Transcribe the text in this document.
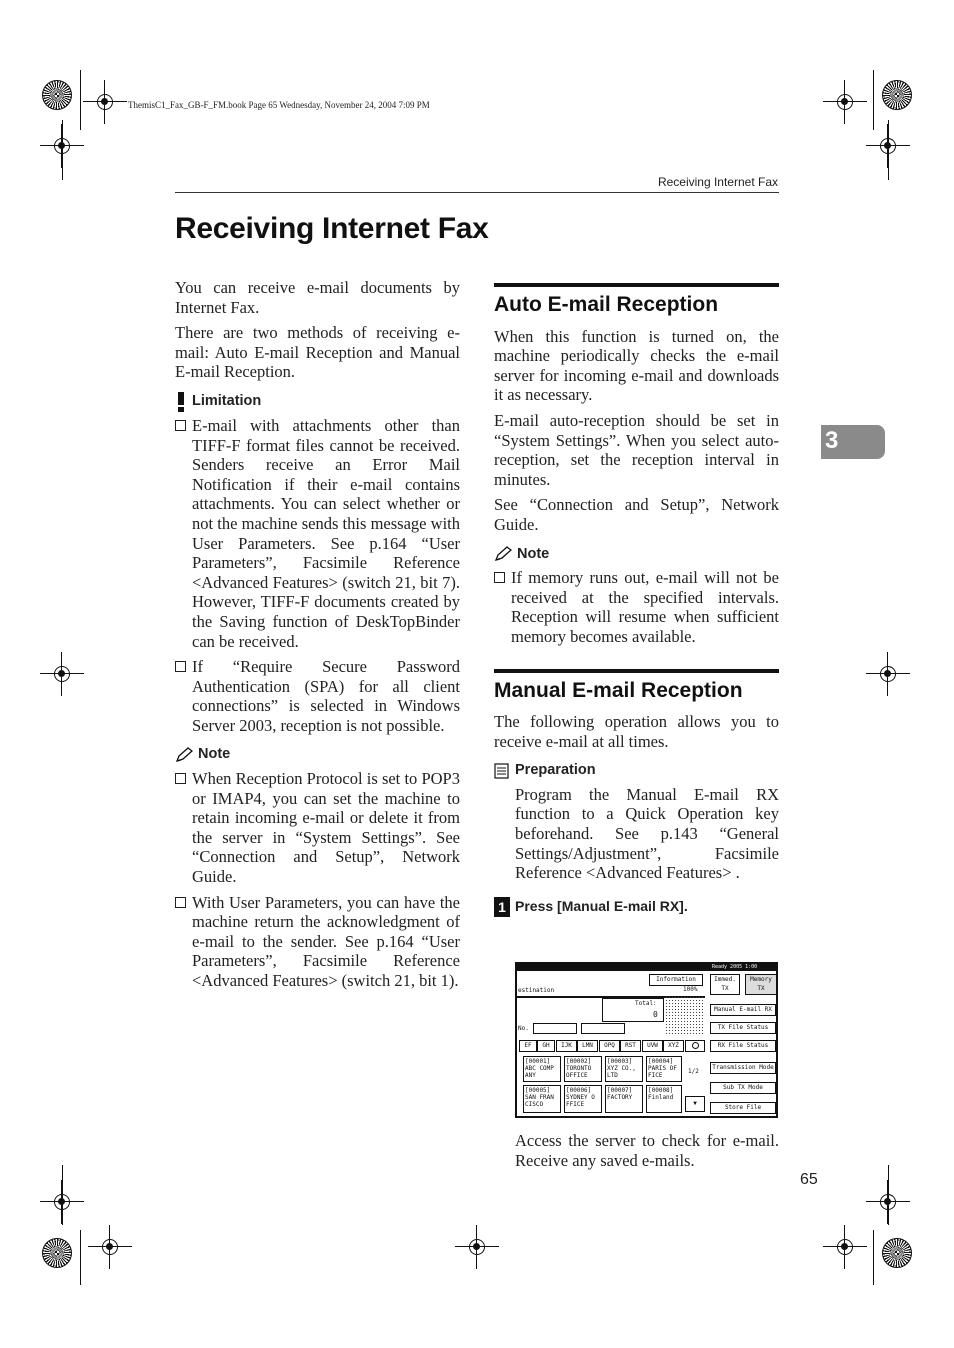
ThemisC1_Fax_GB-F_FM.book Page 65 Wednesday, November 24, 2004 7:09 PM
Receiving Internet Fax
Receiving Internet Fax
3

You can receive e-mail documents by Internet Fax.

There are two methods of receiving e-mail: Auto E-mail Reception and Manual E-mail Reception.

Limitation
E-mail with attachments other than TIFF-F format files cannot be received. Senders receive an Error Mail Notification if their e-mail contains attachments. You can select whether or not the machine sends this message with User Parameters. See p.164 “User Parameters”, Facsimile Reference <Advanced Features> (switch 21, bit 7). However, TIFF-F documents created by the Saving function of DeskTopBinder can be received.
If “Require Secure Password Authentication (SPA) for all client connections” is selected in Windows Server 2003, reception is not possible.
Note
When Reception Protocol is set to POP3 or IMAP4, you can set the machine to retain incoming e-mail or delete it from the server in “System Settings”. See “Connection and Setup”, Network Guide.
With User Parameters, you can have the machine return the acknowledgment of e-mail to the sender. See p.164 “User Parameters”, Facsimile Reference <Advanced Features> (switch 21, bit 1).
Auto E-mail Reception

When this function is turned on, the machine periodically checks the e-mail server for incoming e-mail and downloads it as necessary.

E-mail auto-reception should be set in “System Settings”. When you select auto-reception, set the reception interval in minutes.

See “Connection and Setup”, Network Guide.

Note
If memory runs out, e-mail will not be received at the specified intervals. Reception will resume when sufficient memory becomes available.
Manual E-mail Reception

The following operation allows you to receive e-mail at all times.

Preparation

Program the Manual E-mail RX function to a Quick Operation key beforehand. See p.143 “General Settings/Adjustment”, Facsimile Reference <Advanced Features> .

1 Press [Manual E-mail RX].
Ready 2005 1:00
estination
Information
100%
Immed. TX
Memory TX
Total:
0
No.
Manual E-mail RX
TX File Status
RX File Status
Transmission Mode
Sub TX Mode
Store File
EF	GH	IJK	LMN	OPQ	RST	UVW	XYZ
[00001] ABC COMP ANY
[00002] TORONTO OFFICE
[00003] XYZ CO., LTD
[00004] PARIS OF FICE
[00005] SAN FRAN CISCO
[00006] SYDNEY O FFICE
[00007] FACTORY
[00008] Finland
1/2
▼
Access the server to check for e-mail. Receive any saved e-mails.
65
